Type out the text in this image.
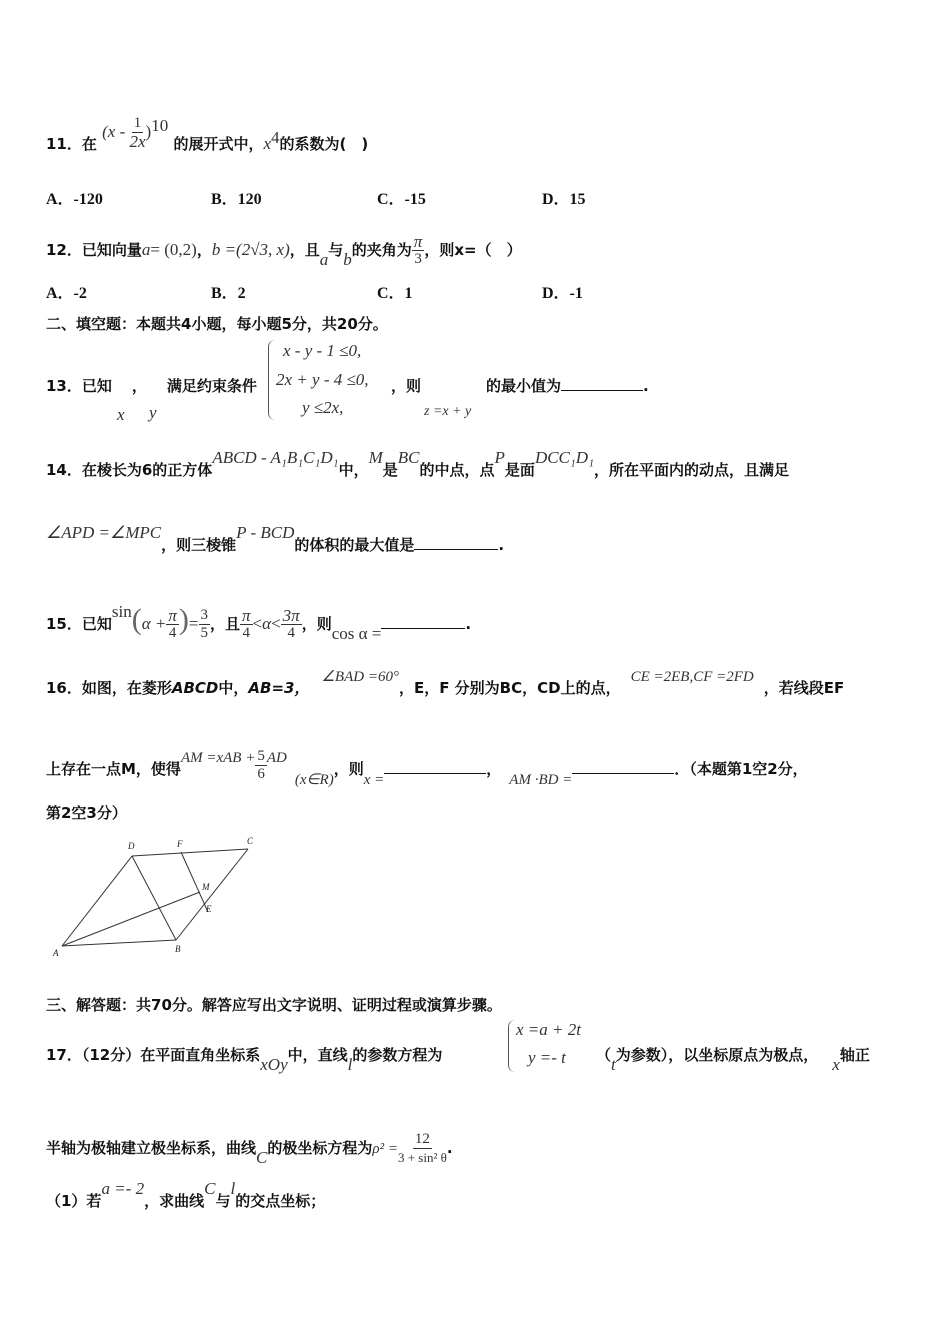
11．在 $(x - \frac{1}{2x} )^{10}$ 的展开式中，$x^4$的系数为(　)
A．-120	B．120	C．-15	D．15
12．已知向量a= (0,2)，b =(2√3, x)，且a与b的夹角为 $\frac{\pi}{3}$ ，则x=（　）
A．-2	B．2	C．1	D．-1
二、填空题：本题共4小题，每小题5分，共20分。
13．已知 ， 满足约束条件
x y
x - y - 1 ≤0,
2x + y - 4 ≤0,
y ≤2x,
，则
z =x + y
的最小值为	.
14．在棱长为6的正方体ABCD - A₁B₁C₁D₁中，M是BC的中点，点P是面DCC₁D₁，所在平面内的动点，且满足
∠APD =∠MPC，则三棱锥P - BCD的体积的最大值是	.
15．已知$\sin(\alpha + \frac{\pi}{4}$ )= $\frac{3}{5}$ ，且 $\frac{\pi}{4} <\alpha< \frac{3\pi}{4}$ ，则cos α =	.
16．如图，在菱形ABCD中，AB=3，∠BAD =60°，E，F 分别为BC，CD上的点，CE =2EB,CF =2FD，若线段EF
上存在一点M，使得AM $=xAB + \frac{5}{6}$ AD(x∈R)，则x =，AM ·BD =．（本题第1空2分，
第2空3分）
A	B
C
D
E
F
M
三、解答题：共70分。解答应写出文字说明、证明过程或演算步骤。
17．（12分）在平面直角坐标系xOy中，直线l的参数方程为
x =a + 2t
y =- t （t为参数），以坐标原点为极点， x轴正
半轴为极轴建立极坐标系，曲线C的极坐标方程为$\rho^2 = \frac{12}{\text{3 + sin² θ}}$ .
（1）若a =- 2，求曲线C与l的交点坐标；
